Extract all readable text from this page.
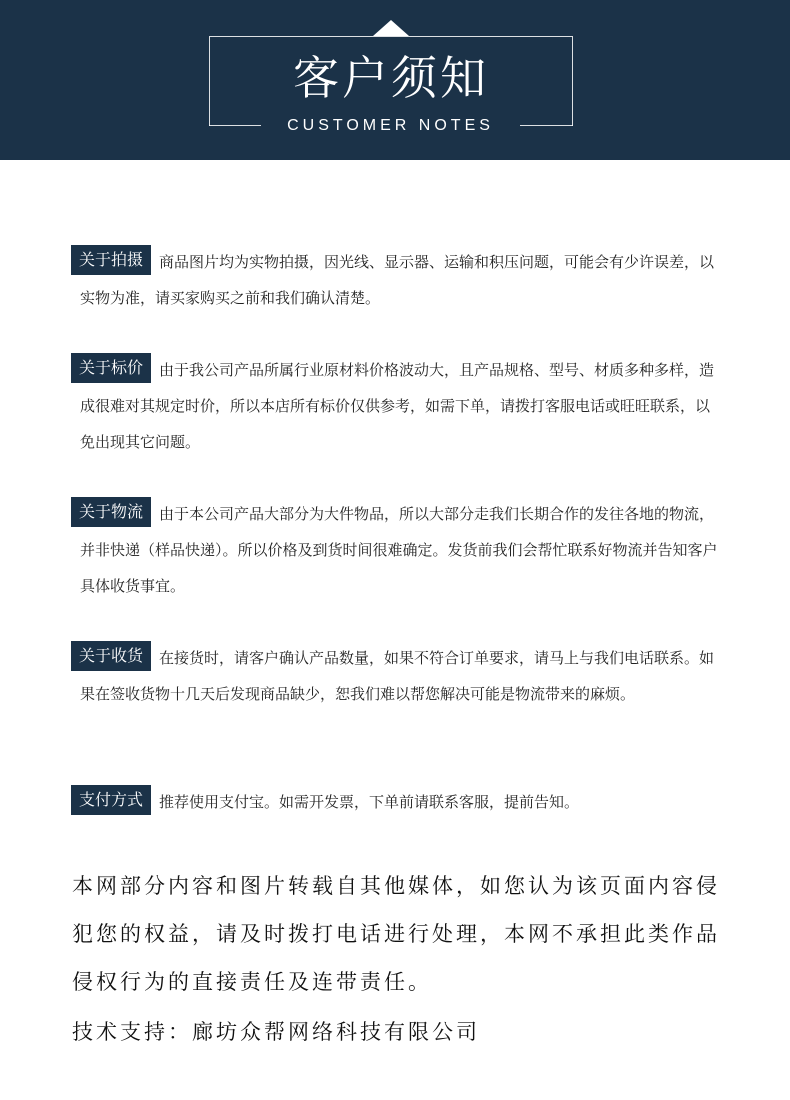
客户须知
CUSTOMER NOTES

关于拍摄 商品图片均为实物拍摄，因光线、显示器、运输和积压问题，可能会有少许误差，以实物为准，请买家购买之前和我们确认清楚。

关于标价 由于我公司产品所属行业原材料价格波动大，且产品规格、型号、材质多种多样，造成很难对其规定时价，所以本店所有标价仅供参考，如需下单，请拨打客服电话或旺旺联系，以免出现其它问题。

关于物流 由于本公司产品大部分为大件物品，所以大部分走我们长期合作的发往各地的物流，并非快递（样品快递）。所以价格及到货时间很难确定。发货前我们会帮忙联系好物流并告知客户具体收货事宜。

关于收货 在接货时，请客户确认产品数量，如果不符合订单要求，请马上与我们电话联系。如果在签收货物十几天后发现商品缺少，恕我们难以帮您解决可能是物流带来的麻烦。

支付方式 推荐使用支付宝。如需开发票，下单前请联系客服，提前告知。

本网部分内容和图片转载自其他媒体，如您认为该页面内容侵犯您的权益，请及时拨打电话进行处理，本网不承担此类作品侵权行为的直接责任及连带责任。
技术支持：廊坊众帮网络科技有限公司
